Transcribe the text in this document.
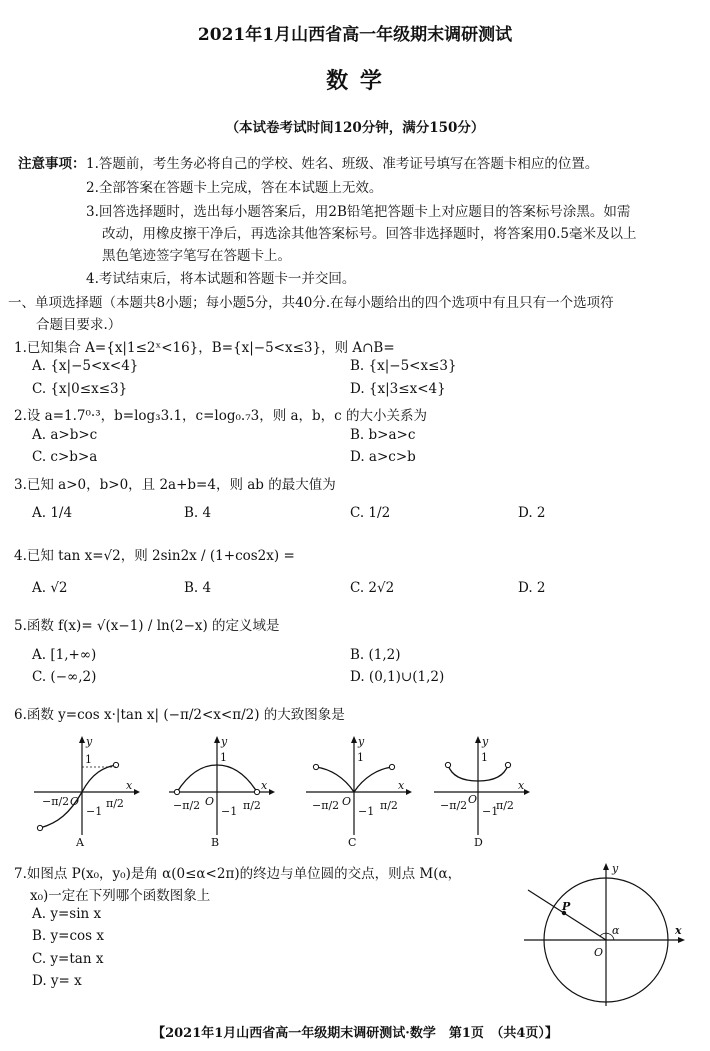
2021年1月山西省高一年级期末调研测试
数 学
（本试卷考试时间120分钟，满分150分）
注意事项： 1.答题前，考生务必将自己的学校、姓名、班级、准考证号填写在答题卡相应的位置。
2.全部答案在答题卡上完成，答在本试题上无效。
3.回答选择题时，选出每小题答案后，用2B铅笔把答题卡上对应题目的答案标号涂黑。如需
改动，用橡皮擦干净后，再选涂其他答案标号。回答非选择题时，将答案用0.5毫米及以上
黑色笔迹签字笔写在答题卡上。
4.考试结束后，将本试题和答题卡一并交回。
一、单项选择题（本题共8小题；每小题5分，共40分.在每小题给出的四个选项中有且只有一个选项符
合题目要求.）
1.已知集合 A={x|1≤2ˣ<16}，B={x|−5<x≤3}，则 A∩B=
A. {x|−5<x<4}	B. {x|−5<x≤3}
C. {x|0≤x≤3}	D. {x|3≤x<4}
2.设 a=1.7⁰·³，b=log₃3.1，c=log₀.₇3，则 a，b，c 的大小关系为
A. a>b>c	B. b>a>c
C. c>b>a	D. a>c>b
3.已知 a>0，b>0，且 2a+b=4，则 ab 的最大值为
A. 1/4	B. 4	C. 1/2	D. 2
4.已知 tan x=√2，则 2sin2x / (1+cos2x) =
A. √2	B. 4	C. 2√2	D. 2
5.函数 f(x)= √(x−1) / ln(2−x) 的定义域是
A. [1,+∞)	B. (1,2)
C. (−∞,2)	D. (0,1)∪(1,2)
6.函数 y=cos x·|tan x| (−π/2<x<π/2) 的大致图象是
y
1
O
−1
−π/2	π/2
x
A
y
1
O
−1
−π/2	π/2
x
B
y
1
O
−1
−π/2	π/2
x
C
y
1
O
−1
−π/2	π/2
x
D
7.如图点 P(x₀，y₀)是角 α(0≤α<2π)的终边与单位圆的交点，则点 M(α，
x₀)一定在下列哪个函数图象上
A. y=sin x
B. y=cos x
C. y=tan x
D. y= x
P
α
y
x
O
【2021年1月山西省高一年级期末调研测试·数学　第1页　（共4页）】
